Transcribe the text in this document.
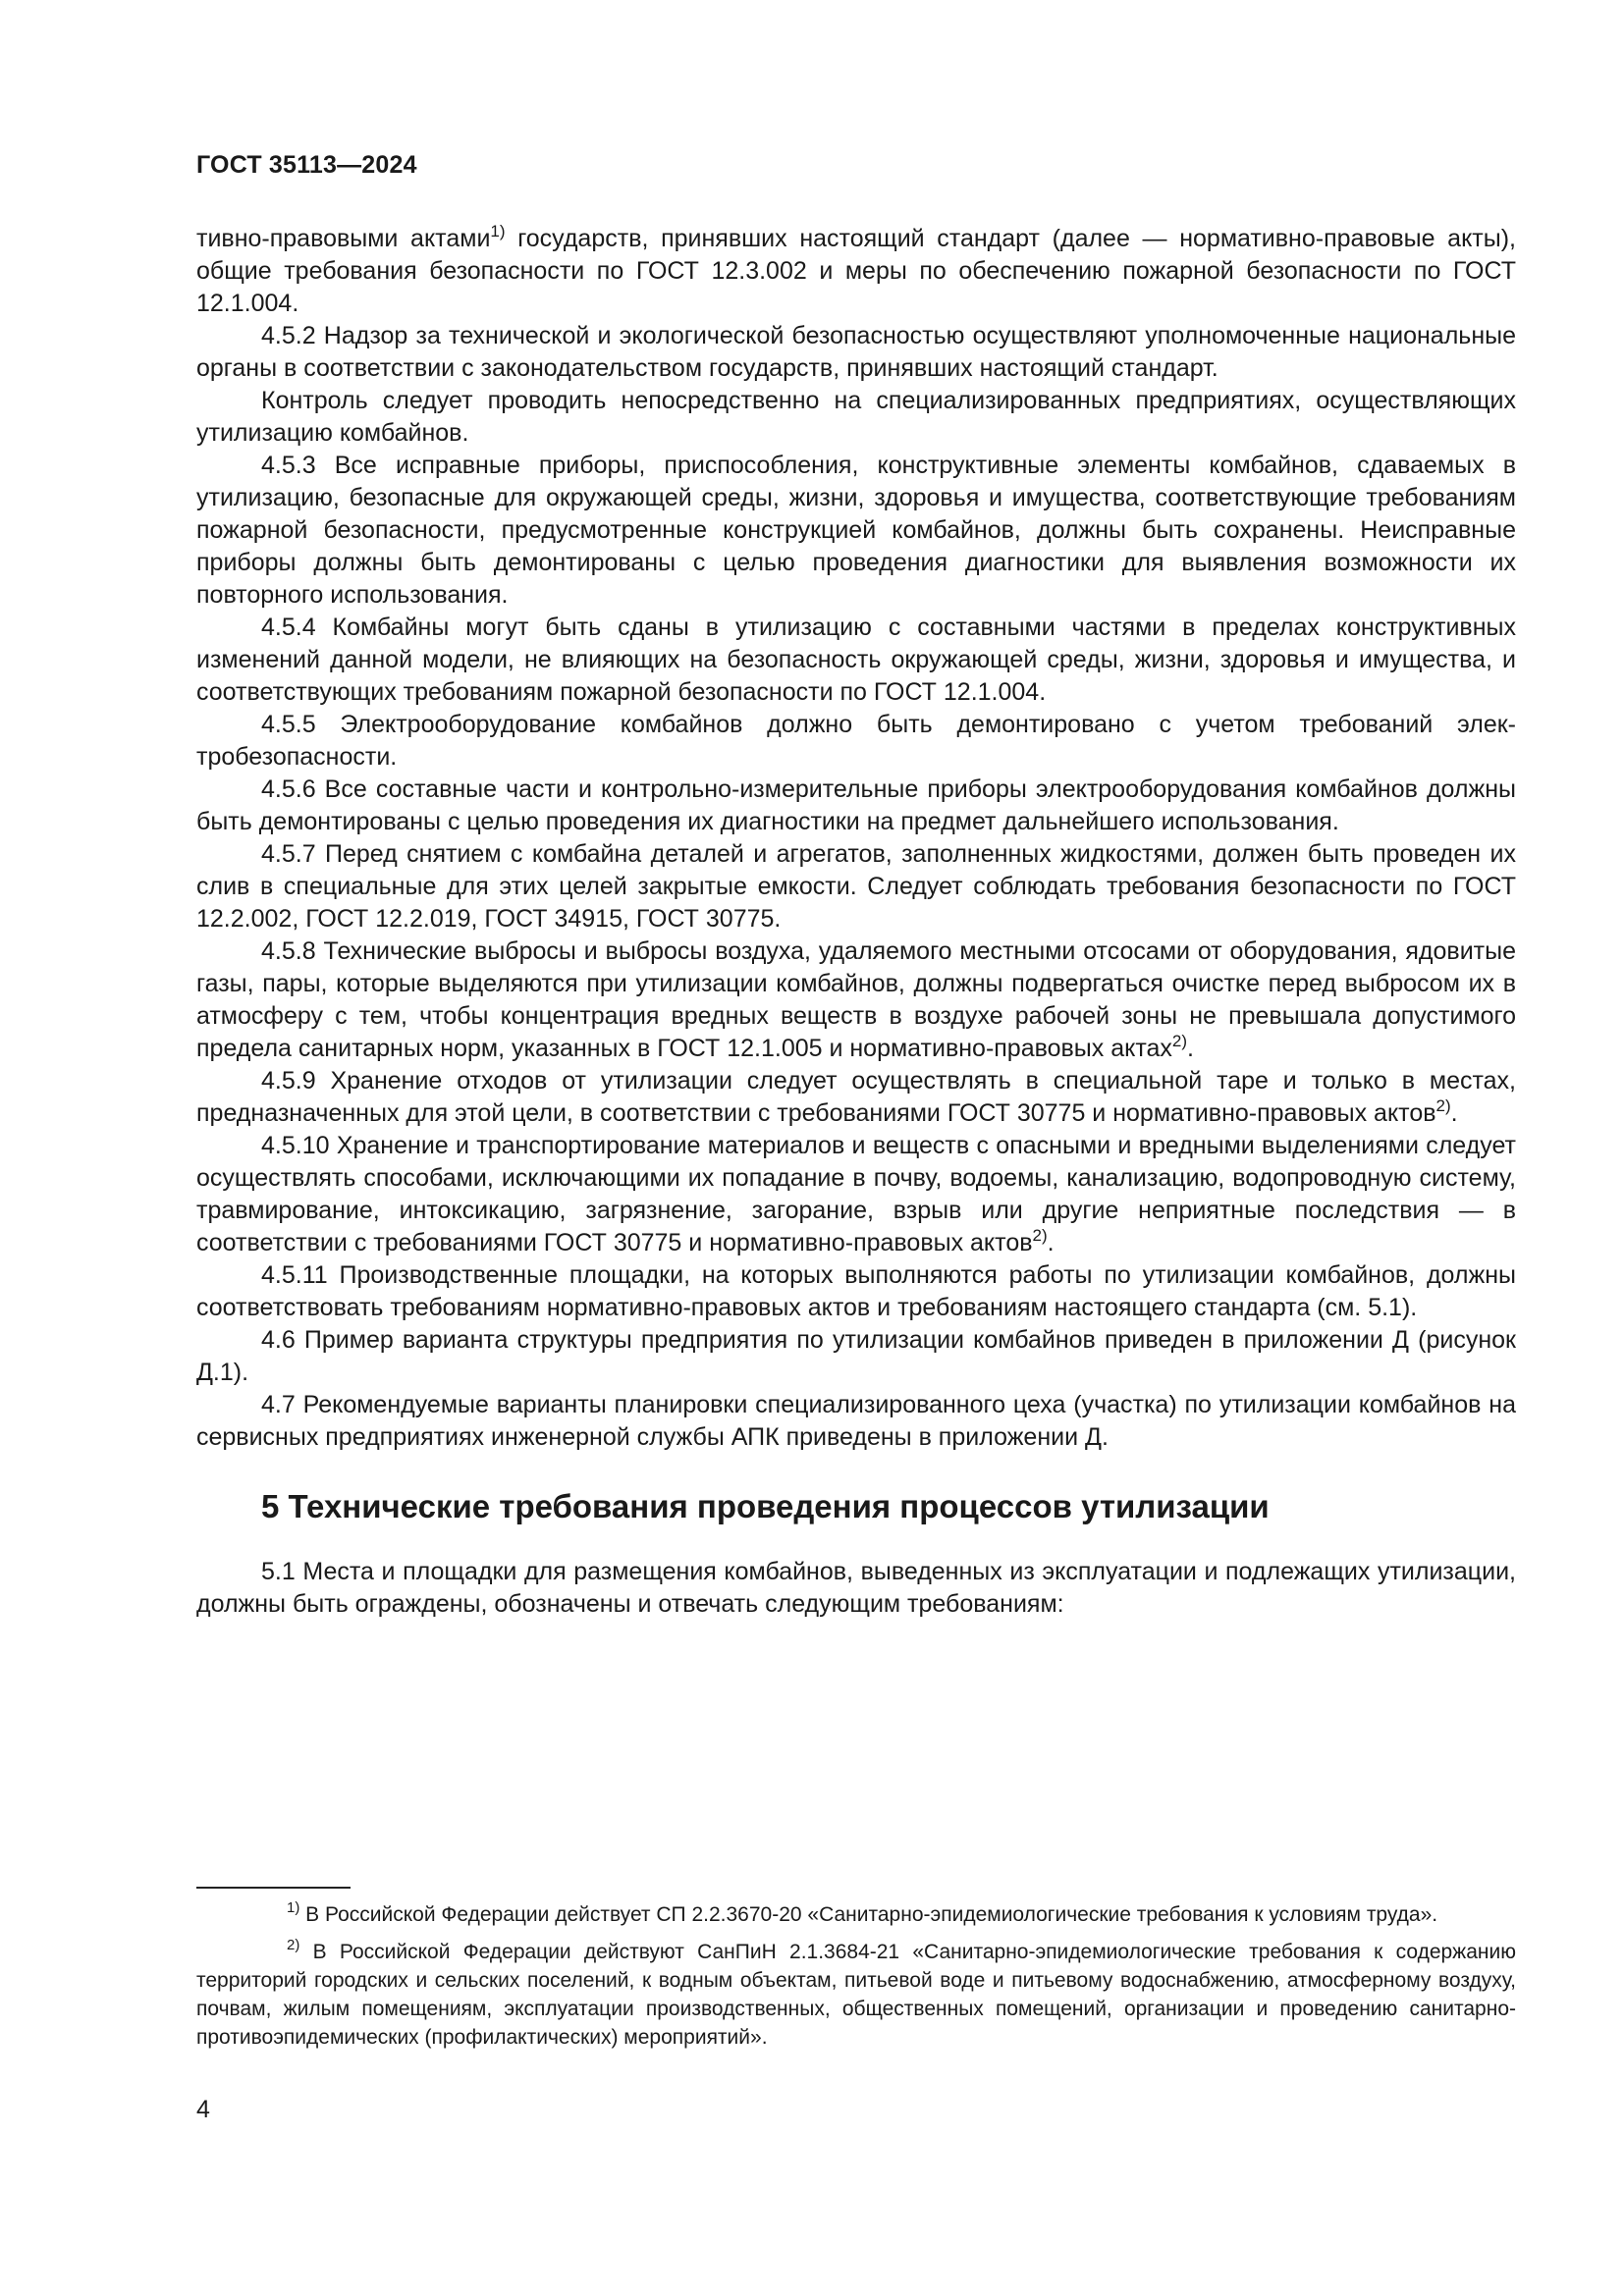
ГОСТ 35113—2024

тивно-правовыми актами$^{1)}$ государств, принявших настоящий стандарт (далее — нормативно-правовые акты), общие требования безопасности по ГОСТ 12.3.002 и меры по обеспечению пожарной безопасности по ГОСТ 12.1.004.

4.5.2 Надзор за технической и экологической безопасностью осуществляют уполномоченные национальные органы в соответствии с законодательством государств, принявших настоящий стандарт.

Контроль следует проводить непосредственно на специализированных предприятиях, осуществляющих утилизацию комбайнов.

4.5.3 Все исправные приборы, приспособления, конструктивные элементы комбайнов, сдаваемых в утилизацию, безопасные для окружающей среды, жизни, здоровья и имущества, соответствующие требованиям пожарной безопасности, предусмотренные конструкцией комбайнов, должны быть сохранены. Неисправные приборы должны быть демонтированы с целью проведения диагностики для выявления возможности их повторного использования.

4.5.4 Комбайны могут быть сданы в утилизацию с составными частями в пределах конструктивных изменений данной модели, не влияющих на безопасность окружающей среды, жизни, здоровья и имущества, и соответствующих требованиям пожарной безопасности по ГОСТ 12.1.004.

4.5.5 Электрооборудование комбайнов должно быть демонтировано с учетом требований электробезопасности.

4.5.6 Все составные части и контрольно-измерительные приборы электрооборудования комбайнов должны быть демонтированы с целью проведения их диагностики на предмет дальнейшего использования.

4.5.7 Перед снятием с комбайна деталей и агрегатов, заполненных жидкостями, должен быть проведен их слив в специальные для этих целей закрытые емкости. Следует соблюдать требования безопасности по ГОСТ 12.2.002, ГОСТ 12.2.019, ГОСТ 34915, ГОСТ 30775.

4.5.8 Технические выбросы и выбросы воздуха, удаляемого местными отсосами от оборудования, ядовитые газы, пары, которые выделяются при утилизации комбайнов, должны подвергаться очистке перед выбросом их в атмосферу с тем, чтобы концентрация вредных веществ в воздухе рабочей зоны не превышала допустимого предела санитарных норм, указанных в ГОСТ 12.1.005 и нормативно-правовых актах$^{2)}$.

4.5.9 Хранение отходов от утилизации следует осуществлять в специальной таре и только в местах, предназначенных для этой цели, в соответствии с требованиями ГОСТ 30775 и нормативно-правовых актов$^{2)}$.

4.5.10 Хранение и транспортирование материалов и веществ с опасными и вредными выделениями следует осуществлять способами, исключающими их попадание в почву, водоемы, канализацию, водопроводную систему, травмирование, интоксикацию, загрязнение, загорание, взрыв или другие неприятные последствия — в соответствии с требованиями ГОСТ 30775 и нормативно-правовых актов$^{2)}$.

4.5.11 Производственные площадки, на которых выполняются работы по утилизации комбайнов, должны соответствовать требованиям нормативно-правовых актов и требованиям настоящего стандарта (см. 5.1).

4.6 Пример варианта структуры предприятия по утилизации комбайнов приведен в приложении Д (рисунок Д.1).

4.7 Рекомендуемые варианты планировки специализированного цеха (участка) по утилизации комбайнов на сервисных предприятиях инженерной службы АПК приведены в приложении Д.

5 Технические требования проведения процессов утилизации

5.1 Места и площадки для размещения комбайнов, выведенных из эксплуатации и подлежащих утилизации, должны быть ограждены, обозначены и отвечать следующим требованиям:

$^{1)}$ В Российской Федерации действует СП 2.2.3670-20 «Санитарно-эпидемиологические требования к условиям труда».

$^{2)}$ В Российской Федерации действуют СанПиН 2.1.3684-21 «Санитарно-эпидемиологические требования к содержанию территорий городских и сельских поселений, к водным объектам, питьевой воде и питьевому водоснабжению, атмосферному воздуху, почвам, жилым помещениям, эксплуатации производственных, общественных помещений, организации и проведению санитарно-противоэпидемических (профилактических) мероприятий».

4
